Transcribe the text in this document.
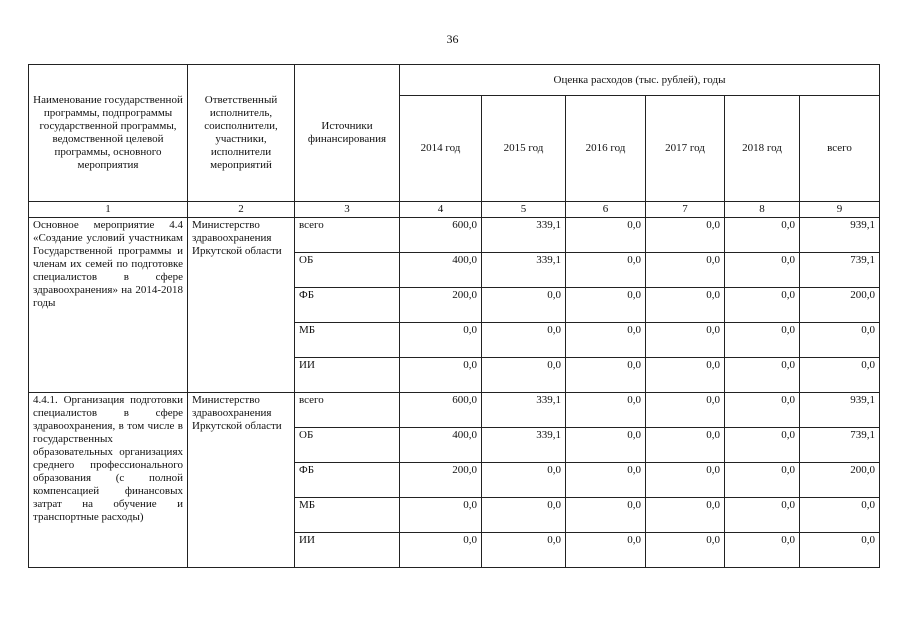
36
Наименование государственной программы, подпрограммы государственной программы, ведомственной целевой программы, основного мероприятия	Ответственный исполнитель, соисполнители, участники, исполнители мероприятий	Источники финансирования	Оценка расходов (тыс. рублей), годы					
			2014 год	2015 год	2016 год	2017 год	2018 год	всего
1	2	3	4	5	6	7	8	9
Основное мероприятие 4.4 «Создание условий участникам Государственной программы и членам их семей по подготовке специалистов в сфере здравоохранения» на 2014-2018 годы	Министерство здравоохранения Иркутской области	всего	600,0	339,1	0,0	0,0	0,0	939,1
		ОБ	400,0	339,1	0,0	0,0	0,0	739,1
		ФБ	200,0	0,0	0,0	0,0	0,0	200,0
		МБ	0,0	0,0	0,0	0,0	0,0	0,0
		ИИ	0,0	0,0	0,0	0,0	0,0	0,0
4.4.1. Организация подготовки специалистов в сфере здравоохранения, в том числе в государственных образовательных организациях среднего профессионального образования (с полной компенсацией финансовых затрат на обучение и транспортные расходы)	Министерство здравоохранения Иркутской области	всего	600,0	339,1	0,0	0,0	0,0	939,1
		ОБ	400,0	339,1	0,0	0,0	0,0	739,1
		ФБ	200,0	0,0	0,0	0,0	0,0	200,0
		МБ	0,0	0,0	0,0	0,0	0,0	0,0
		ИИ	0,0	0,0	0,0	0,0	0,0	0,0
